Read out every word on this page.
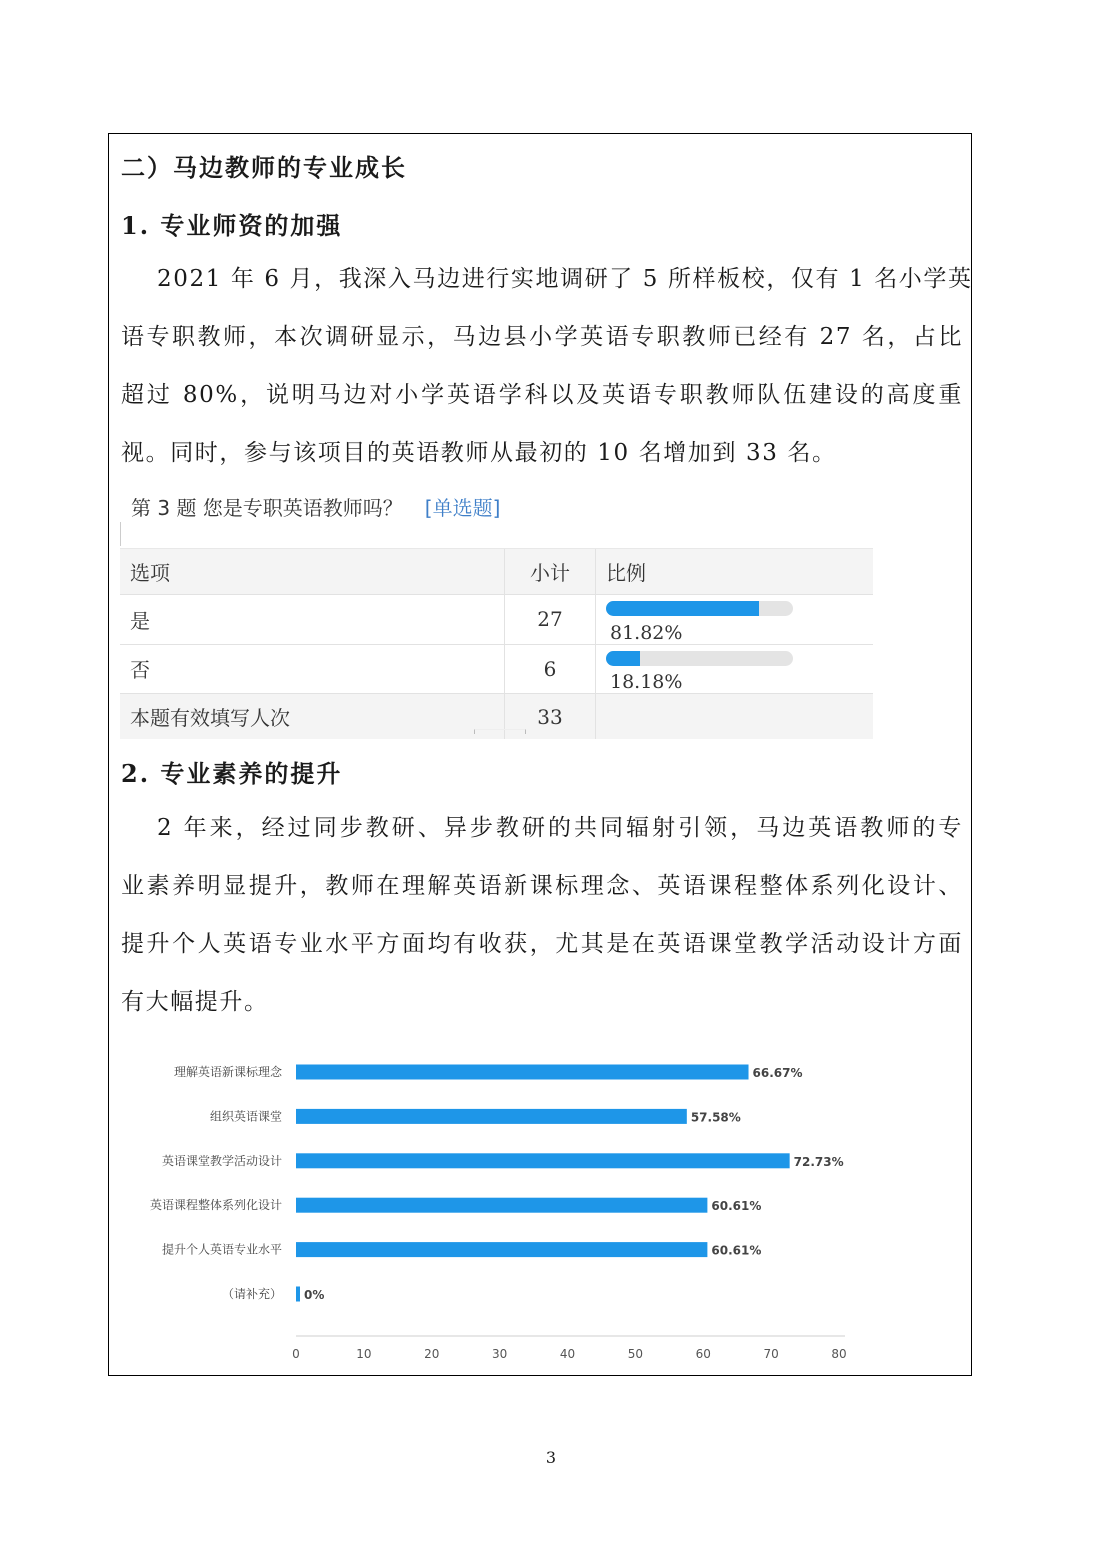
二）马边教师的专业成长
1. 专业师资的加强
2021 年 6 月，我深入马边进行实地调研了 5 所样板校，仅有 1 名小学英
语专职教师，本次调研显示，马边县小学英语专职教师已经有 27 名，占比
超过 80%，说明马边对小学英语学科以及英语专职教师队伍建设的高度重
视。同时，参与该项目的英语教师从最初的 10 名增加到 33 名。
第 3 题 您是专职英语教师吗？ [单选题]
选项	小计	比例
是	27	81.82%
否	6	18.18%
本题有效填写人次	33	
2. 专业素养的提升
2 年来，经过同步教研、异步教研的共同辐射引领，马边英语教师的专
业素养明显提升，教师在理解英语新课标理念、英语课程整体系列化设计、
提升个人英语专业水平方面均有收获，尤其是在英语课堂教学活动设计方面
有大幅提升。
理解英语新课标理念	66.67%
组织英语课堂	57.58%
英语课堂教学活动设计	72.73%
英语课程整体系列化设计	60.61%
提升个人英语专业水平	60.61%
（请补充） 0%
0	10	20	30	40	50	60	70	80
3
